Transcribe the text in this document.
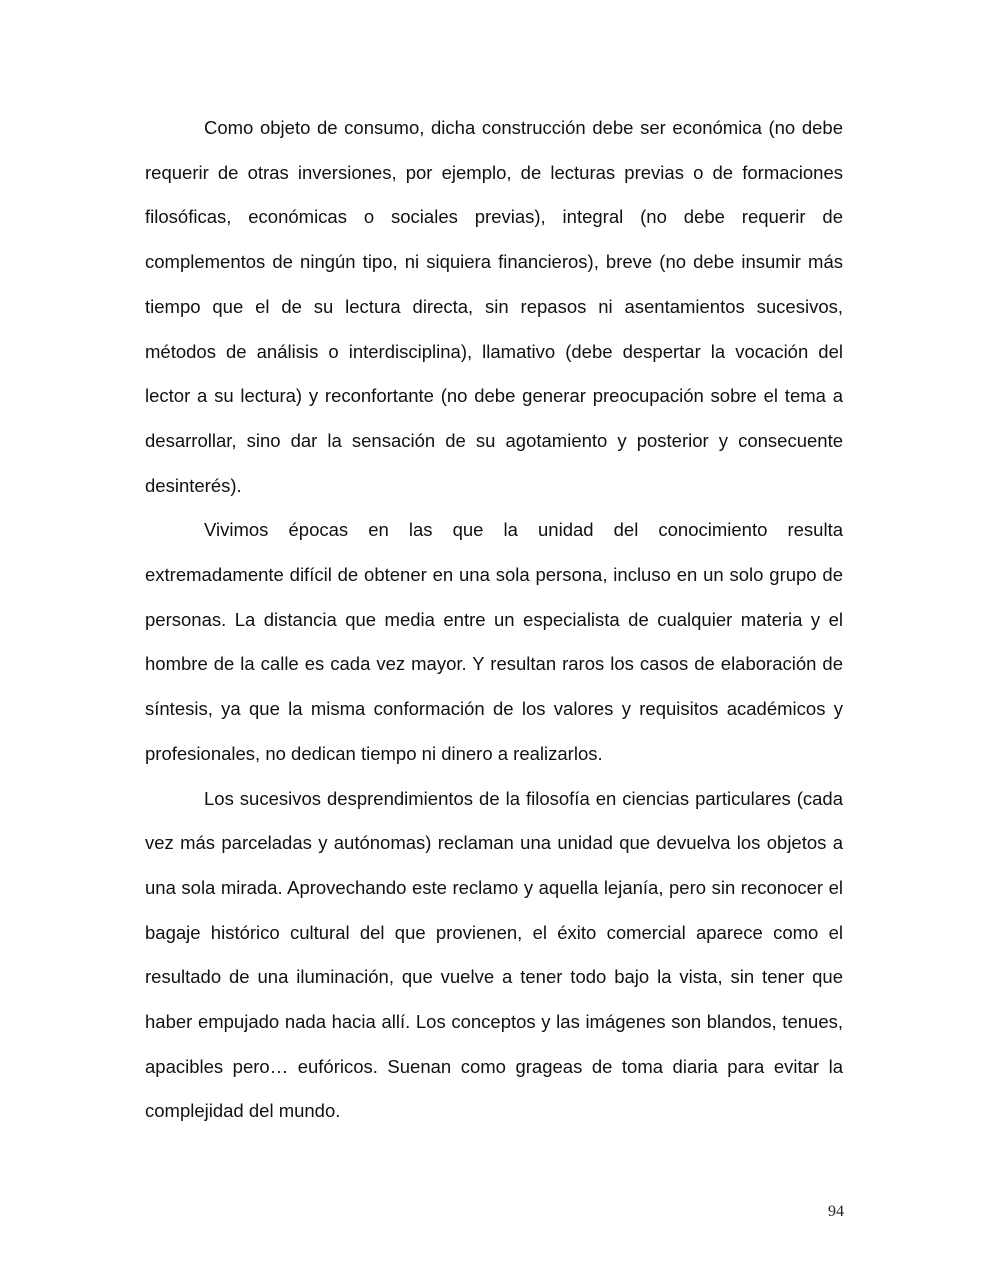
Como objeto de consumo, dicha construcción debe ser económica (no debe requerir de otras inversiones, por ejemplo, de lecturas previas o de formaciones filosóficas, económicas o sociales previas), integral (no debe requerir de complementos de ningún tipo, ni siquiera financieros), breve (no debe insumir más tiempo que el de su lectura directa, sin repasos ni asentamientos sucesivos, métodos de análisis o interdisciplina), llamativo (debe despertar la vocación del lector a su lectura) y reconfortante (no debe generar preocupación sobre el tema a desarrollar, sino dar la sensación de su agotamiento y posterior y consecuente desinterés).

Vivimos épocas en las que la unidad del conocimiento resulta extremadamente difícil de obtener en una sola persona, incluso en un solo grupo de personas. La distancia que media entre un especialista de cualquier materia y el hombre de la calle es cada vez mayor. Y resultan raros los casos de elaboración de síntesis, ya que la misma conformación de los valores y requisitos académicos y profesionales, no dedican tiempo ni dinero a realizarlos.

Los sucesivos desprendimientos de la filosofía en ciencias particulares (cada vez más parceladas y autónomas) reclaman una unidad que devuelva los objetos a una sola mirada. Aprovechando este reclamo y aquella lejanía, pero sin reconocer el bagaje histórico cultural del que provienen, el éxito comercial aparece como el resultado de una iluminación, que vuelve a tener todo bajo la vista, sin tener que haber empujado nada hacia allí. Los conceptos y las imágenes son blandos, tenues, apacibles pero… eufóricos. Suenan como grageas de toma diaria para evitar la complejidad del mundo.

94
